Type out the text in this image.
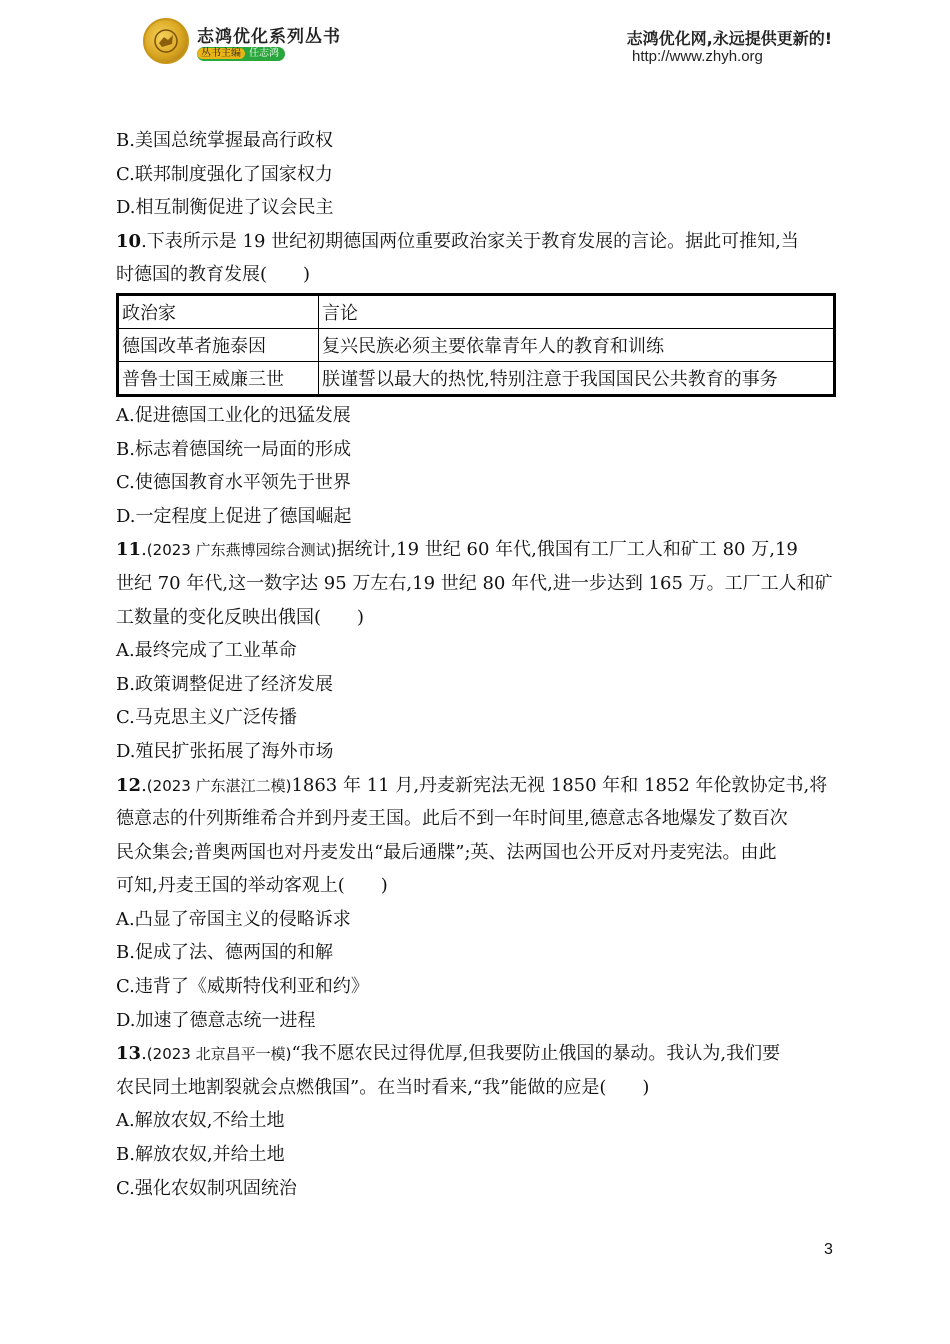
志鸿优化系列丛书
丛书主编 任志鸿
志鸿优化网,永远提供更新的!
http://www.zhyh.org
B.美国总统掌握最高行政权
C.联邦制度强化了国家权力
D.相互制衡促进了议会民主
10.下表所示是 19 世纪初期德国两位重要政治家关于教育发展的言论。据此可推知,当
时德国的教育发展(　　)
政治家	言论
德国改革者施泰因	复兴民族必须主要依靠青年人的教育和训练
普鲁士国王威廉三世	朕谨誓以最大的热忱,特别注意于我国国民公共教育的事务
A.促进德国工业化的迅猛发展
B.标志着德国统一局面的形成
C.使德国教育水平领先于世界
D.一定程度上促进了德国崛起
11.(2023 广东燕博园综合测试)据统计,19 世纪 60 年代,俄国有工厂工人和矿工 80 万,19
世纪 70 年代,这一数字达 95 万左右,19 世纪 80 年代,进一步达到 165 万。工厂工人和矿
工数量的变化反映出俄国(　　)
A.最终完成了工业革命
B.政策调整促进了经济发展
C.马克思主义广泛传播
D.殖民扩张拓展了海外市场
12.(2023 广东湛江二模)1863 年 11 月,丹麦新宪法无视 1850 年和 1852 年伦敦协定书,将
德意志的什列斯维希合并到丹麦王国。此后不到一年时间里,德意志各地爆发了数百次
民众集会;普奥两国也对丹麦发出“最后通牒”;英、法两国也公开反对丹麦宪法。由此
可知,丹麦王国的举动客观上(　　)
A.凸显了帝国主义的侵略诉求
B.促成了法、德两国的和解
C.违背了《威斯特伐利亚和约》
D.加速了德意志统一进程
13.(2023 北京昌平一模)“我不愿农民过得优厚,但我要防止俄国的暴动。我认为,我们要
农民同土地割裂就会点燃俄国”。在当时看来,“我”能做的应是(　　)
A.解放农奴,不给土地
B.解放农奴,并给土地
C.强化农奴制巩固统治
3
